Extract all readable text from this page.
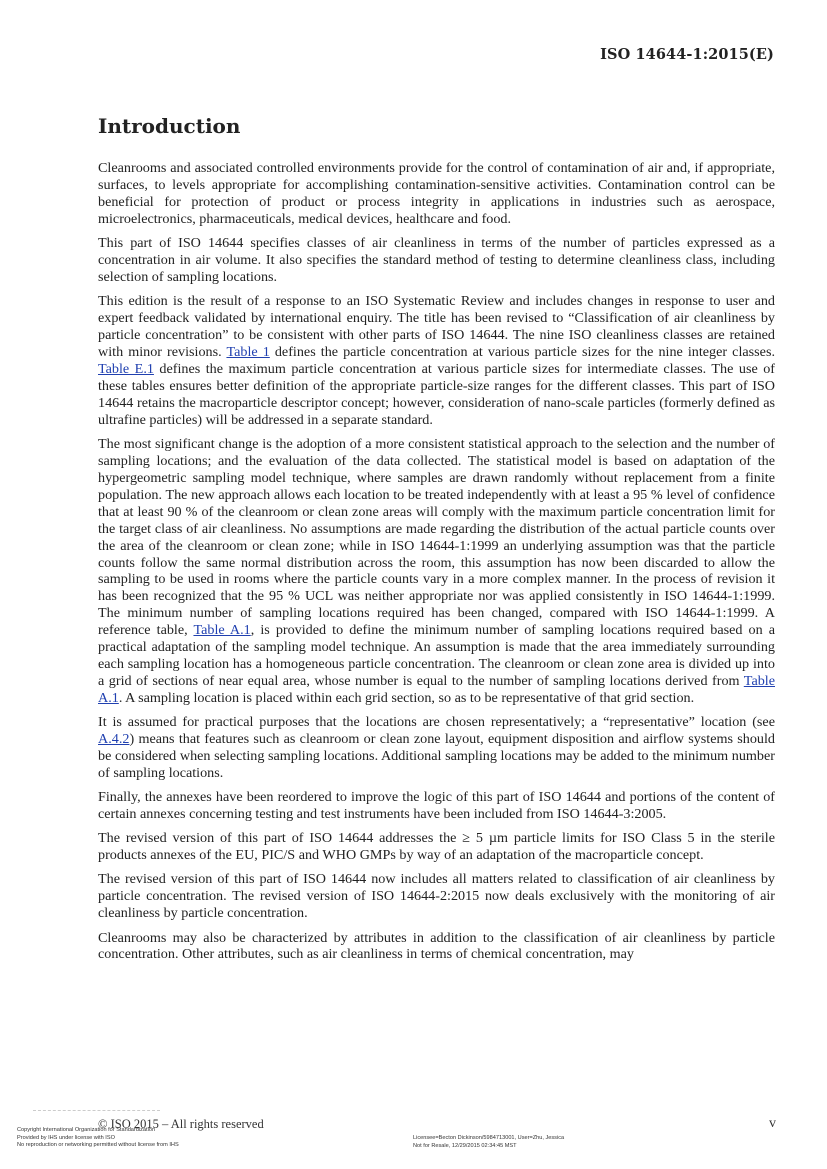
ISO 14644-1:2015(E)
Introduction

Cleanrooms and associated controlled environments provide for the control of contamination of air and, if appropriate, surfaces, to levels appropriate for accomplishing contamination-sensitive activities. Contamination control can be beneficial for protection of product or process integrity in applications in industries such as aerospace, microelectronics, pharmaceuticals, medical devices, healthcare and food.

This part of ISO 14644 specifies classes of air cleanliness in terms of the number of particles expressed as a concentration in air volume. It also specifies the standard method of testing to determine cleanliness class, including selection of sampling locations.

This edition is the result of a response to an ISO Systematic Review and includes changes in response to user and expert feedback validated by international enquiry. The title has been revised to “Classification of air cleanliness by particle concentration” to be consistent with other parts of ISO 14644. The nine ISO cleanliness classes are retained with minor revisions. Table 1 defines the particle concentration at various particle sizes for the nine integer classes. Table E.1 defines the maximum particle concentration at various particle sizes for intermediate classes. The use of these tables ensures better definition of the appropriate particle-size ranges for the different classes. This part of ISO 14644 retains the macroparticle descriptor concept; however, consideration of nano-scale particles (formerly defined as ultrafine particles) will be addressed in a separate standard.

The most significant change is the adoption of a more consistent statistical approach to the selection and the number of sampling locations; and the evaluation of the data collected. The statistical model is based on adaptation of the hypergeometric sampling model technique, where samples are drawn randomly without replacement from a finite population. The new approach allows each location to be treated independently with at least a 95 % level of confidence that at least 90 % of the cleanroom or clean zone areas will comply with the maximum particle concentration limit for the target class of air cleanliness. No assumptions are made regarding the distribution of the actual particle counts over the area of the cleanroom or clean zone; while in ISO 14644-1:1999 an underlying assumption was that the particle counts follow the same normal distribution across the room, this assumption has now been discarded to allow the sampling to be used in rooms where the particle counts vary in a more complex manner. In the process of revision it has been recognized that the 95 % UCL was neither appropriate nor was applied consistently in ISO 14644-1:1999. The minimum number of sampling locations required has been changed, compared with ISO 14644-1:1999. A reference table, Table A.1, is provided to define the minimum number of sampling locations required based on a practical adaptation of the sampling model technique. An assumption is made that the area immediately surrounding each sampling location has a homogeneous particle concentration. The cleanroom or clean zone area is divided up into a grid of sections of near equal area, whose number is equal to the number of sampling locations derived from Table A.1. A sampling location is placed within each grid section, so as to be representative of that grid section.

It is assumed for practical purposes that the locations are chosen representatively; a “representative” location (see A.4.2) means that features such as cleanroom or clean zone layout, equipment disposition and airflow systems should be considered when selecting sampling locations. Additional sampling locations may be added to the minimum number of sampling locations.

Finally, the annexes have been reordered to improve the logic of this part of ISO 14644 and portions of the content of certain annexes concerning testing and test instruments have been included from ISO 14644-3:2005.

The revised version of this part of ISO 14644 addresses the ≥ 5 µm particle limits for ISO Class 5 in the sterile products annexes of the EU, PIC/S and WHO GMPs by way of an adaptation of the macroparticle concept.

The revised version of this part of ISO 14644 now includes all matters related to classification of air cleanliness by particle concentration. The revised version of ISO 14644-2:2015 now deals exclusively with the monitoring of air cleanliness by particle concentration.

Cleanrooms may also be characterized by attributes in addition to the classification of air cleanliness by particle concentration. Other attributes, such as air cleanliness in terms of chemical concentration, may

© ISO 2015 – All rights reserved	v
Copyright International Organization for Standardization
Provided by IHS under license with ISO
No reproduction or networking permitted without license from IHS
Licensee=Becton Dickinson/5984713001, User=Zhu, Jessica
Not for Resale, 12/29/2015 02:34:45 MST
